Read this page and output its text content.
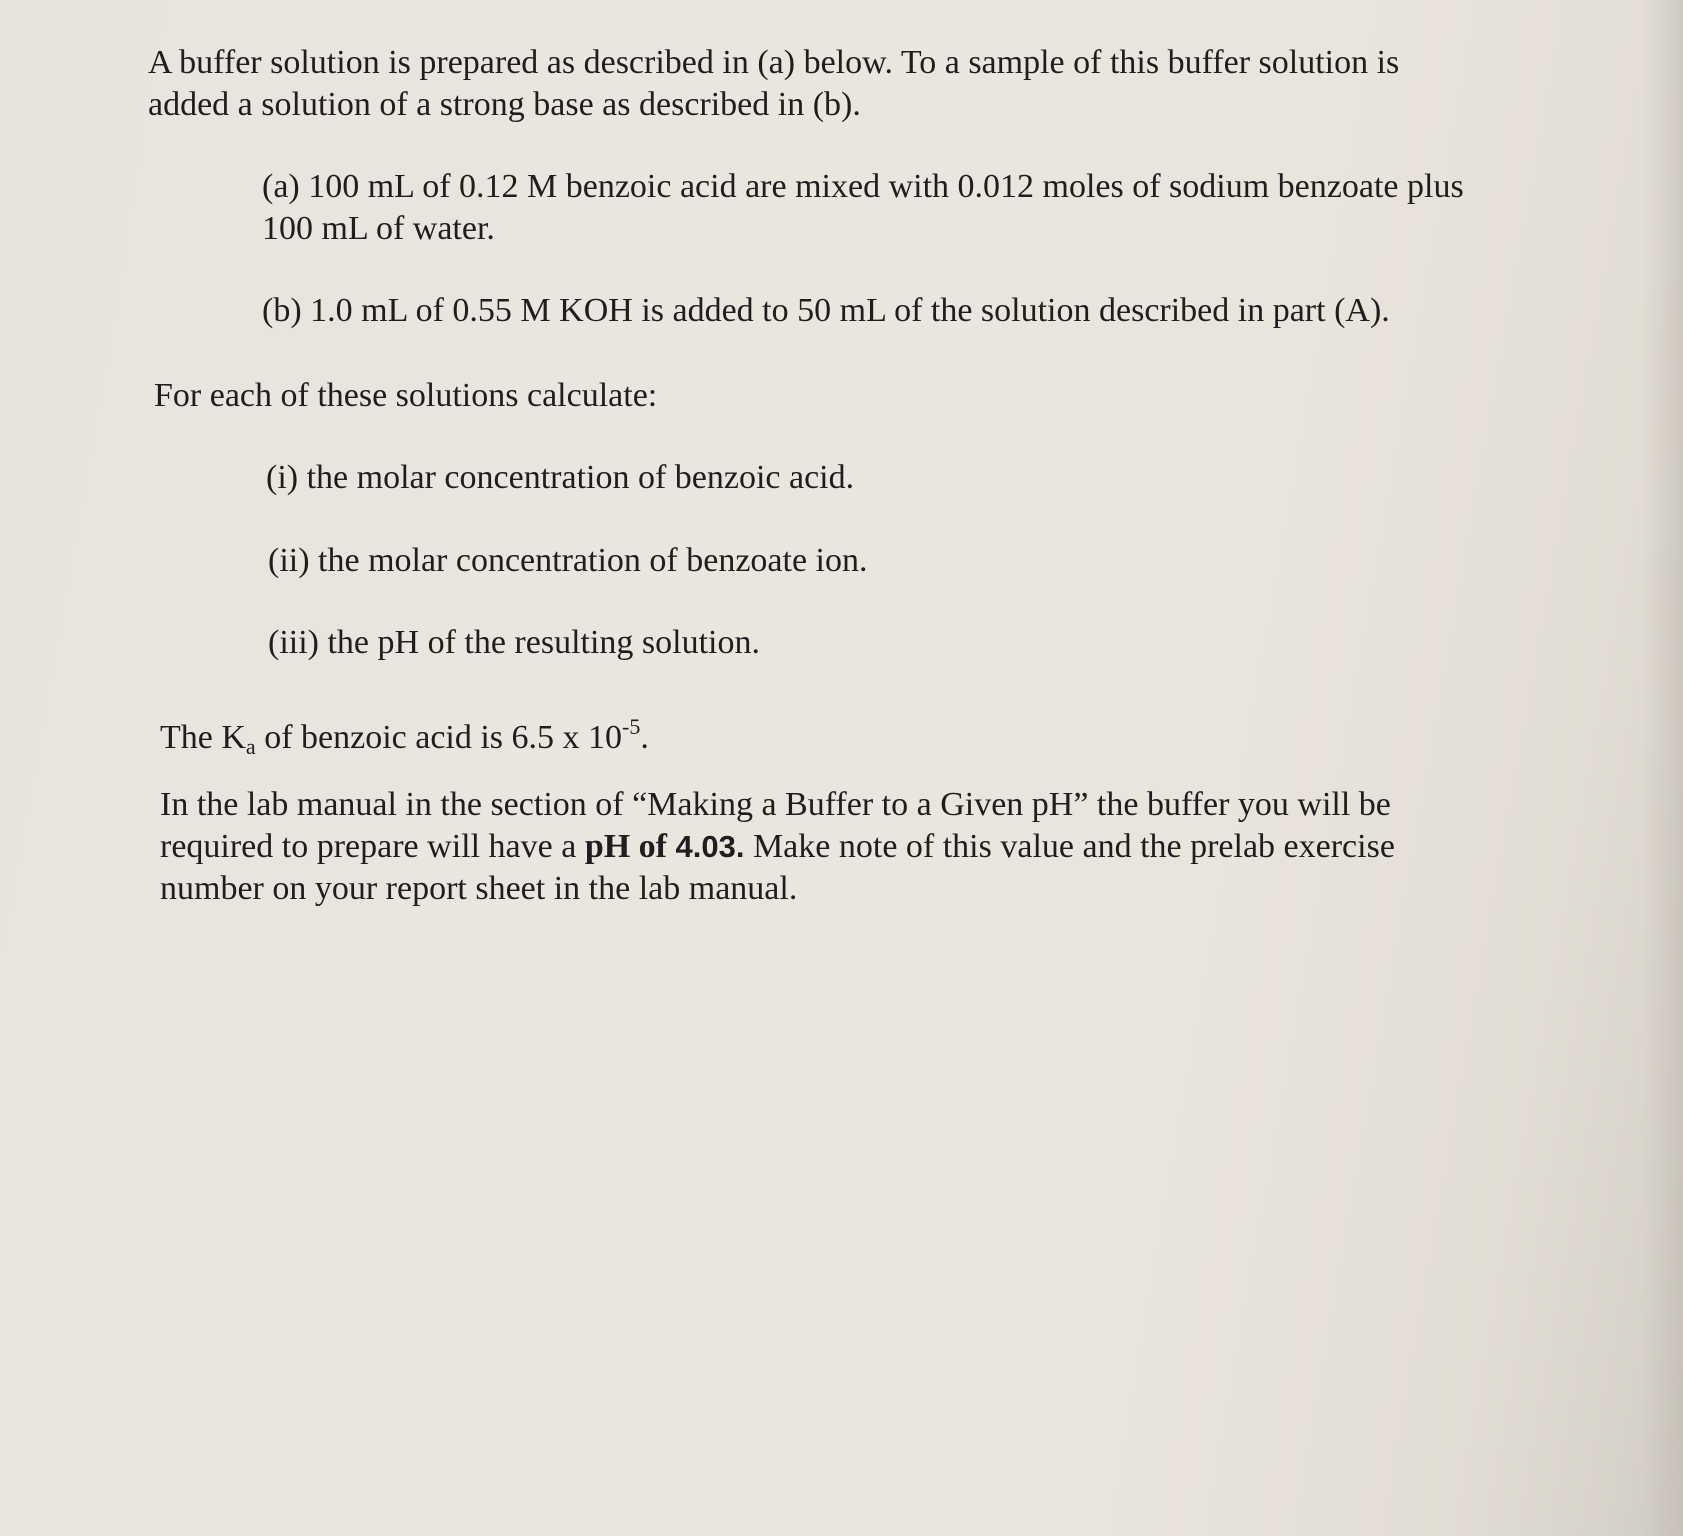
A buffer solution is prepared as described in (a) below. To a sample of this buffer solution is
added a solution of a strong base as described in (b).

(a) 100 mL of 0.12 M benzoic acid are mixed with 0.012 moles of sodium benzoate plus
100 mL of water.

(b) 1.0 mL of 0.55 M KOH is added to 50 mL of the solution described in part (A).

For each of these solutions calculate:

(i) the molar concentration of benzoic acid.

(ii) the molar concentration of benzoate ion.

(iii) the pH of the resulting solution.

The Ka of benzoic acid is 6.5 x $10^{-5}$.

In the lab manual in the section of “Making a Buffer to a Given pH” the buffer you will be
required to prepare will have a pH of 4.03. Make note of this value and the prelab exercise
number on your report sheet in the lab manual.
